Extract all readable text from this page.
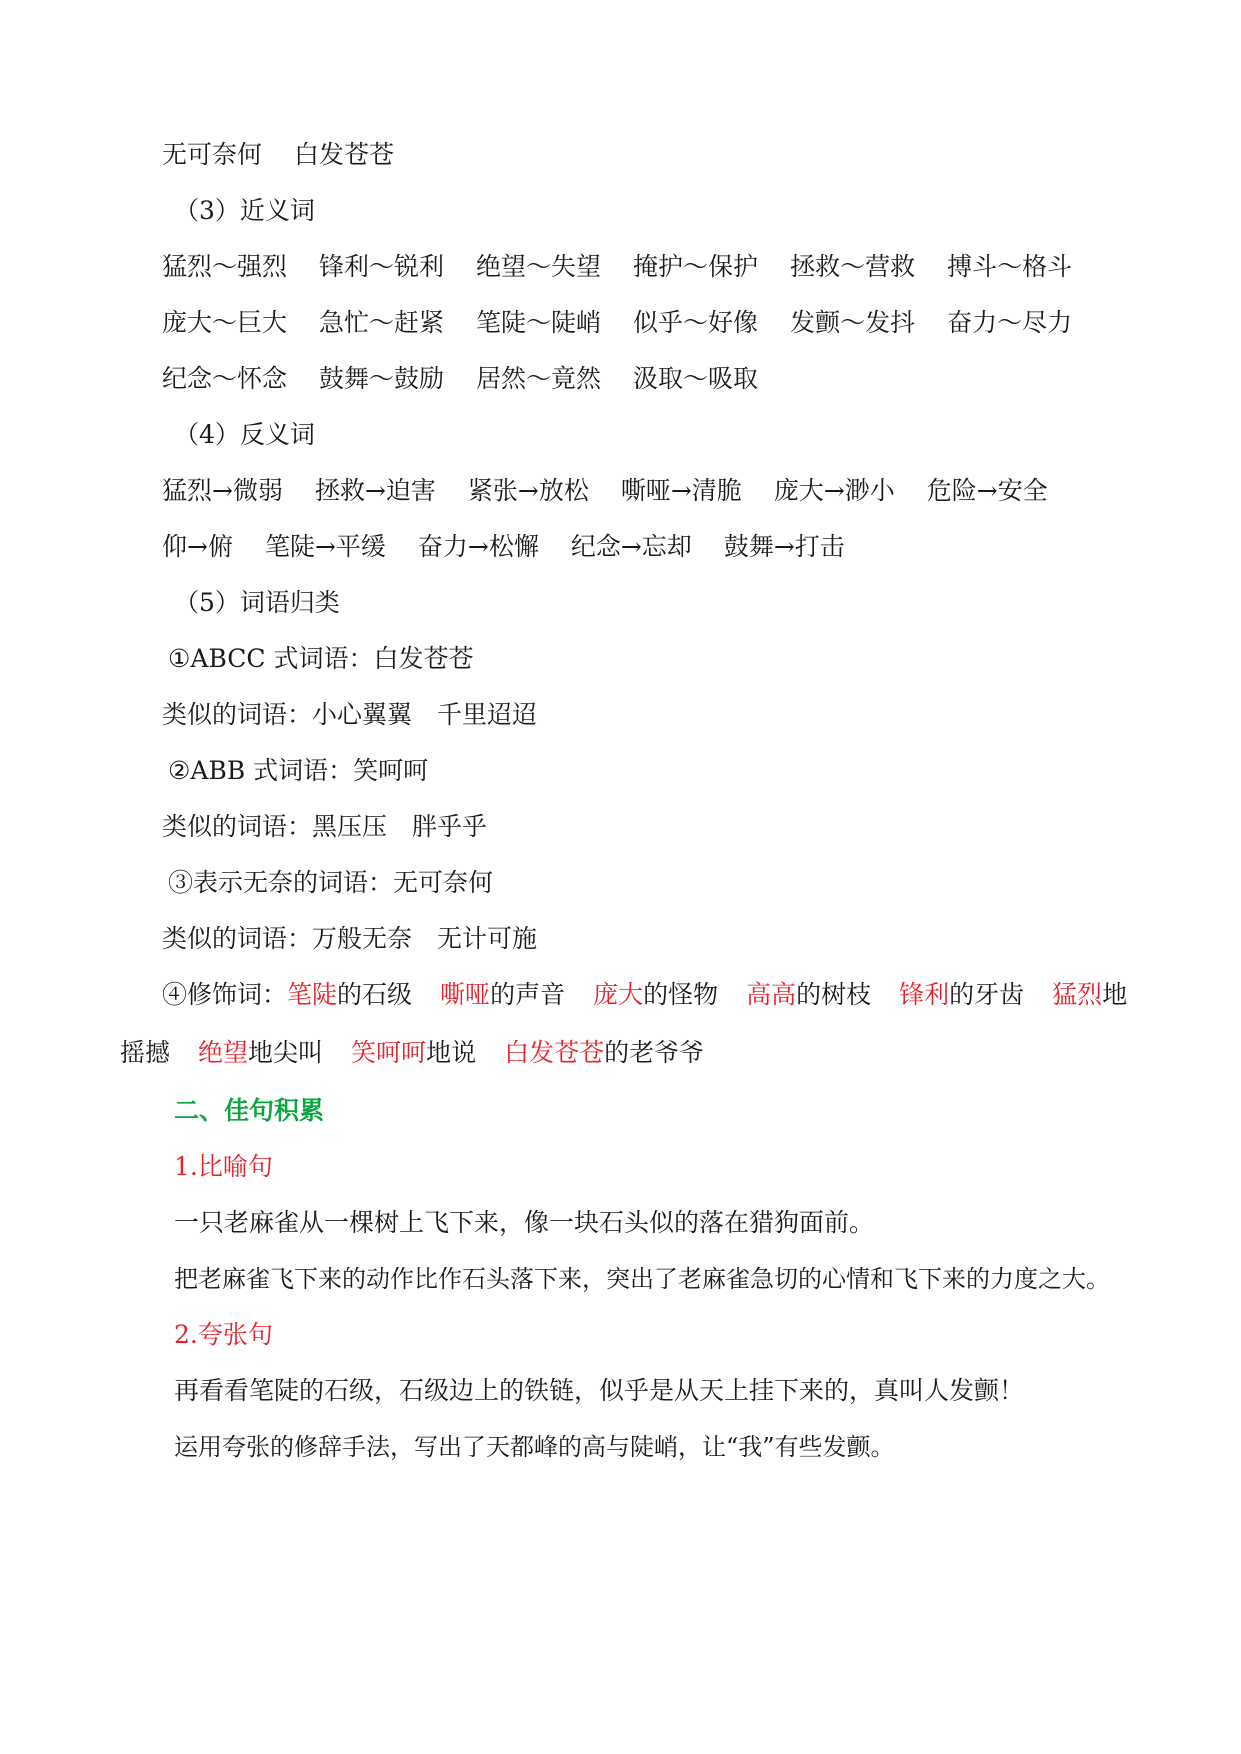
无可奈何 白发苍苍
（3）近义词
猛烈～强烈 锋利～锐利 绝望～失望 掩护～保护 拯救～营救 搏斗～格斗
庞大～巨大 急忙～赶紧 笔陡～陡峭 似乎～好像 发颤～发抖 奋力～尽力
纪念～怀念 鼓舞～鼓励 居然～竟然 汲取～吸取
（4）反义词
猛烈→微弱 拯救→迫害 紧张→放松 嘶哑→清脆 庞大→渺小 危险→安全
仰→俯 笔陡→平缓 奋力→松懈 纪念→忘却 鼓舞→打击
（5）词语归类
①ABCC 式词语：白发苍苍
类似的词语：小心翼翼　千里迢迢
②ABB 式词语：笑呵呵
类似的词语：黑压压　胖乎乎
③表示无奈的词语：无可奈何
类似的词语：万般无奈　无计可施
④修饰词：笔陡的石级 嘶哑的声音 庞大的怪物 高高的树枝 锋利的牙齿 猛烈地
摇撼 绝望地尖叫 笑呵呵地说 白发苍苍的老爷爷
二、佳句积累
1.比喻句
一只老麻雀从一棵树上飞下来，像一块石头似的落在猎狗面前。
把老麻雀飞下来的动作比作石头落下来，突出了老麻雀急切的心情和飞下来的力度之大。
2.夸张句
再看看笔陡的石级，石级边上的铁链，似乎是从天上挂下来的，真叫人发颤！
运用夸张的修辞手法，写出了天都峰的高与陡峭，让“我”有些发颤。
